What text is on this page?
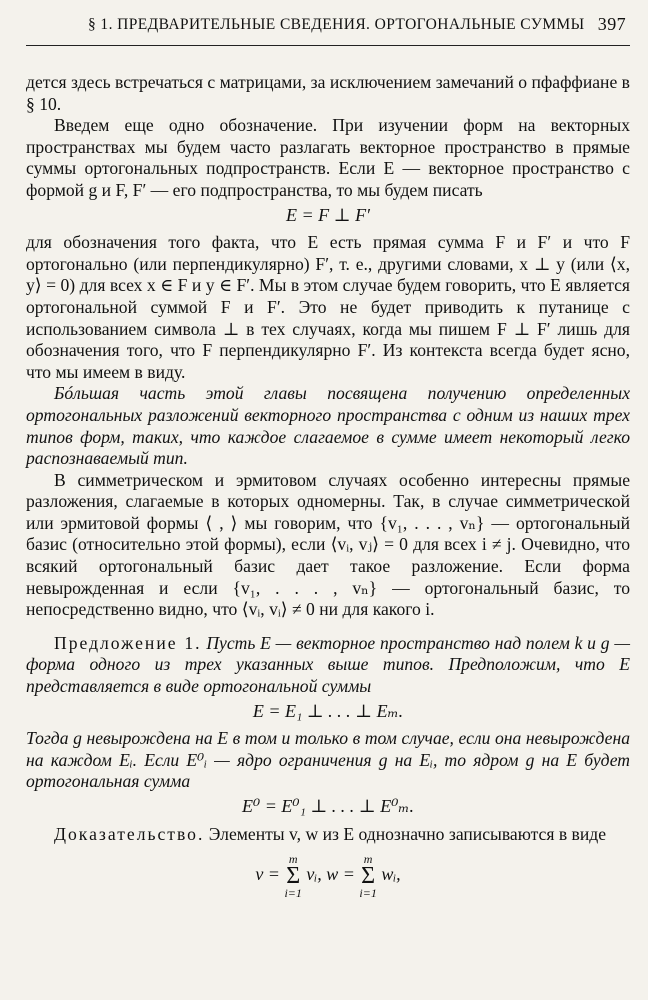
§ 1. ПРЕДВАРИТЕЛЬНЫЕ СВЕДЕНИЯ. ОРТОГОНАЛЬНЫЕ СУММЫ 397

дется здесь встречаться с матрицами, за исключением замечаний о пфаффиане в § 10.

Введем еще одно обозначение. При изучении форм на векторных пространствах мы будем часто разлагать векторное пространство в прямые суммы ортогональных подпространств. Если E — векторное пространство с формой g и F, F′ — его подпространства, то мы будем писать

E = F ⊥ F′

для обозначения того факта, что E есть прямая сумма F и F′ и что F ортогонально (или перпендикулярно) F′, т. е., другими словами, x ⊥ y (или ⟨x, y⟩ = 0) для всех x ∈ F и y ∈ F′. Мы в этом случае будем говорить, что E является ортогональной суммой F и F′. Это не будет приводить к путанице с использованием символа ⊥ в тех случаях, когда мы пишем F ⊥ F′ лишь для обозначения того, что F перпендикулярно F′. Из контекста всегда будет ясно, что мы имеем в виду.

Бóльшая часть этой главы посвящена получению определенных ортогональных разложений векторного пространства с одним из наших трех типов форм, таких, что каждое слагаемое в сумме имеет некоторый легко распознаваемый тип.

В симметрическом и эрмитовом случаях особенно интересны прямые разложения, слагаемые в которых одномерны. Так, в случае симметрической или эрмитовой формы ⟨ , ⟩ мы говорим, что {v₁, . . . , vₙ} — ортогональный базис (относительно этой формы), если ⟨vᵢ, vⱼ⟩ = 0 для всех i ≠ j. Очевидно, что всякий ортогональный базис дает такое разложение. Если форма невырожденная и если {v₁, . . . , vₙ} — ортогональный базис, то непосредственно видно, что ⟨vᵢ, vᵢ⟩ ≠ 0 ни для какого i.

Предложение 1. Пусть E — векторное пространство над полем k и g — форма одного из трех указанных выше типов. Предположим, что E представляется в виде ортогональной суммы

E = E₁ ⊥ . . . ⊥ Eₘ.

Тогда g невырождена на E в том и только в том случае, если она невырождена на каждом Eᵢ. Если E⁰ᵢ — ядро ограничения g на Eᵢ, то ядром g на E будет ортогональная сумма

E⁰ = E⁰₁ ⊥ . . . ⊥ E⁰ₘ.

Доказательство. Элементы v, w из E однозначно записываются в виде

v = m
Σ
i=1 vᵢ, w = m
Σ
i=1 wᵢ,
